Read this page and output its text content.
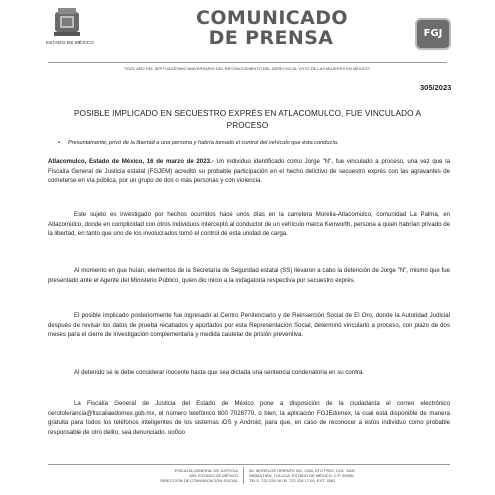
ESTADO DE MÉXICO
COMUNICADO
DE PRENSA	FGJ
"2023. AÑO DEL SEPTUAGÉSIMO ANIVERSARIO DEL RECONOCIMIENTO DEL DERECHO AL VOTO DE LAS MUJERES EN MÉXICO".
305/2023
POSIBLE IMPLICADO EN SECUESTRO EXPRÉS EN ATLACOMULCO, FUE VINCULADO A PROCESO
• Presuntamente, privó de la libertad a una persona y habría tomado el control del vehículo que ésta conducía.
Atlacomulco, Estado de México, 16 de marzo de 2023.- Un individuo identificado como Jorge "N", fue vinculado a proceso, una vez que la Fiscalía General de Justicia estatal (FGJEM) acreditó su probable participación en el hecho delictivo de secuestro exprés con las agravantes de cometerse en vía pública, por un grupo de dos o más personas y con violencia.
Este sujeto es investigado por hechos ocurridos hace unos días en la carretera Morelia-Atlacomulco, comunidad La Palma, en Atlacomulco, donde en complicidad con otros individuos interceptó al conductor de un vehículo marca Kenworth, persona a quien habrían privado de la libertad, en tanto que uno de los involucrados tomó el control de esta unidad de carga.
Al momento en que huían, elementos de la Secretaría de Seguridad estatal (SS) llevaron a cabo la detención de Jorge "N", mismo que fue presentado ante el Agente del Ministerio Público, quien dio inicio a la indagatoria respectiva por secuestro exprés.
El posible implicado posteriormente fue ingresado al Centro Penitenciario y de Reinserción Social de El Oro, donde la Autoridad Judicial después de revisar los datos de prueba recabados y aportados por esta Representación Social, determinó vincularlo a proceso, con plazo de dos meses para el cierre de investigación complementaria y medida cautelar de prisión preventiva.
Al detenido se le debe considerar inocente hasta que sea dictada una sentencia condenatoria en su contra.
La Fiscalía General de Justicia del Estado de México pone a disposición de la ciudadanía el correo electrónico cerotolerancia@fiscaliaedomex.gob.mx, el número telefónico 800 7028770, o bien, la aplicación FGJEdomex, la cual está disponible de manera gratuita para todos los teléfonos inteligentes de los sistemas iOS y Android, para que, en caso de reconocer a estos individuo como probable responsable de otro delito, sea denunciado. oo0oo
FISCALÍA GENERAL DE JUSTICIA
DEL ESTADO DE MÉXICO
DIRECCIÓN DE COMUNICACIÓN SOCIAL
AV. MORELOS ORIENTE NO. 1300, 8TO PISO, COL. SAN
SEBASTIÁN, TOLUCA, ESTADO DE MÉXICO, C.P. 50090.
TELS. 722 226 16 00, 722 226 17 00, EXT. 3381
